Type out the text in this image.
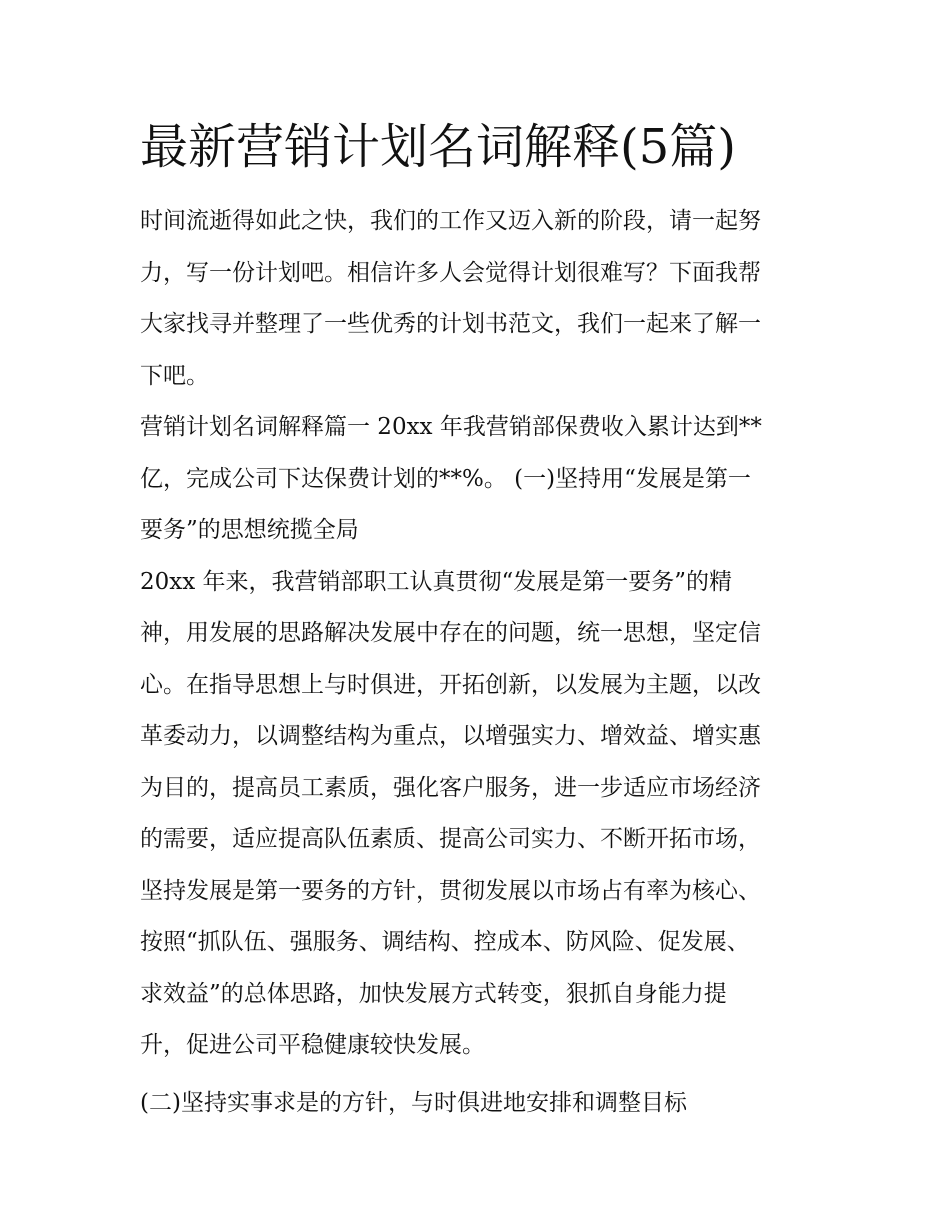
最新营销计划名词解释(5篇)

时间流逝得如此之快，我们的工作又迈入新的阶段，请一起努

力，写一份计划吧。相信许多人会觉得计划很难写？下面我帮

大家找寻并整理了一些优秀的计划书范文，我们一起来了解一

下吧。

营销计划名词解释篇一 20xx 年我营销部保费收入累计达到**

亿，完成公司下达保费计划的**%。 (一)坚持用“发展是第一

要务”的思想统揽全局

20xx 年来，我营销部职工认真贯彻“发展是第一要务”的精

神，用发展的思路解决发展中存在的问题，统一思想，坚定信

心。在指导思想上与时俱进，开拓创新，以发展为主题，以改

革委动力，以调整结构为重点，以增强实力、增效益、增实惠

为目的，提高员工素质，强化客户服务，进一步适应市场经济

的需要，适应提高队伍素质、提高公司实力、不断开拓市场，

坚持发展是第一要务的方针，贯彻发展以市场占有率为核心、

按照“抓队伍、强服务、调结构、控成本、防风险、促发展、

求效益”的总体思路，加快发展方式转变，狠抓自身能力提

升，促进公司平稳健康较快发展。

(二)坚持实事求是的方针，与时俱进地安排和调整目标
